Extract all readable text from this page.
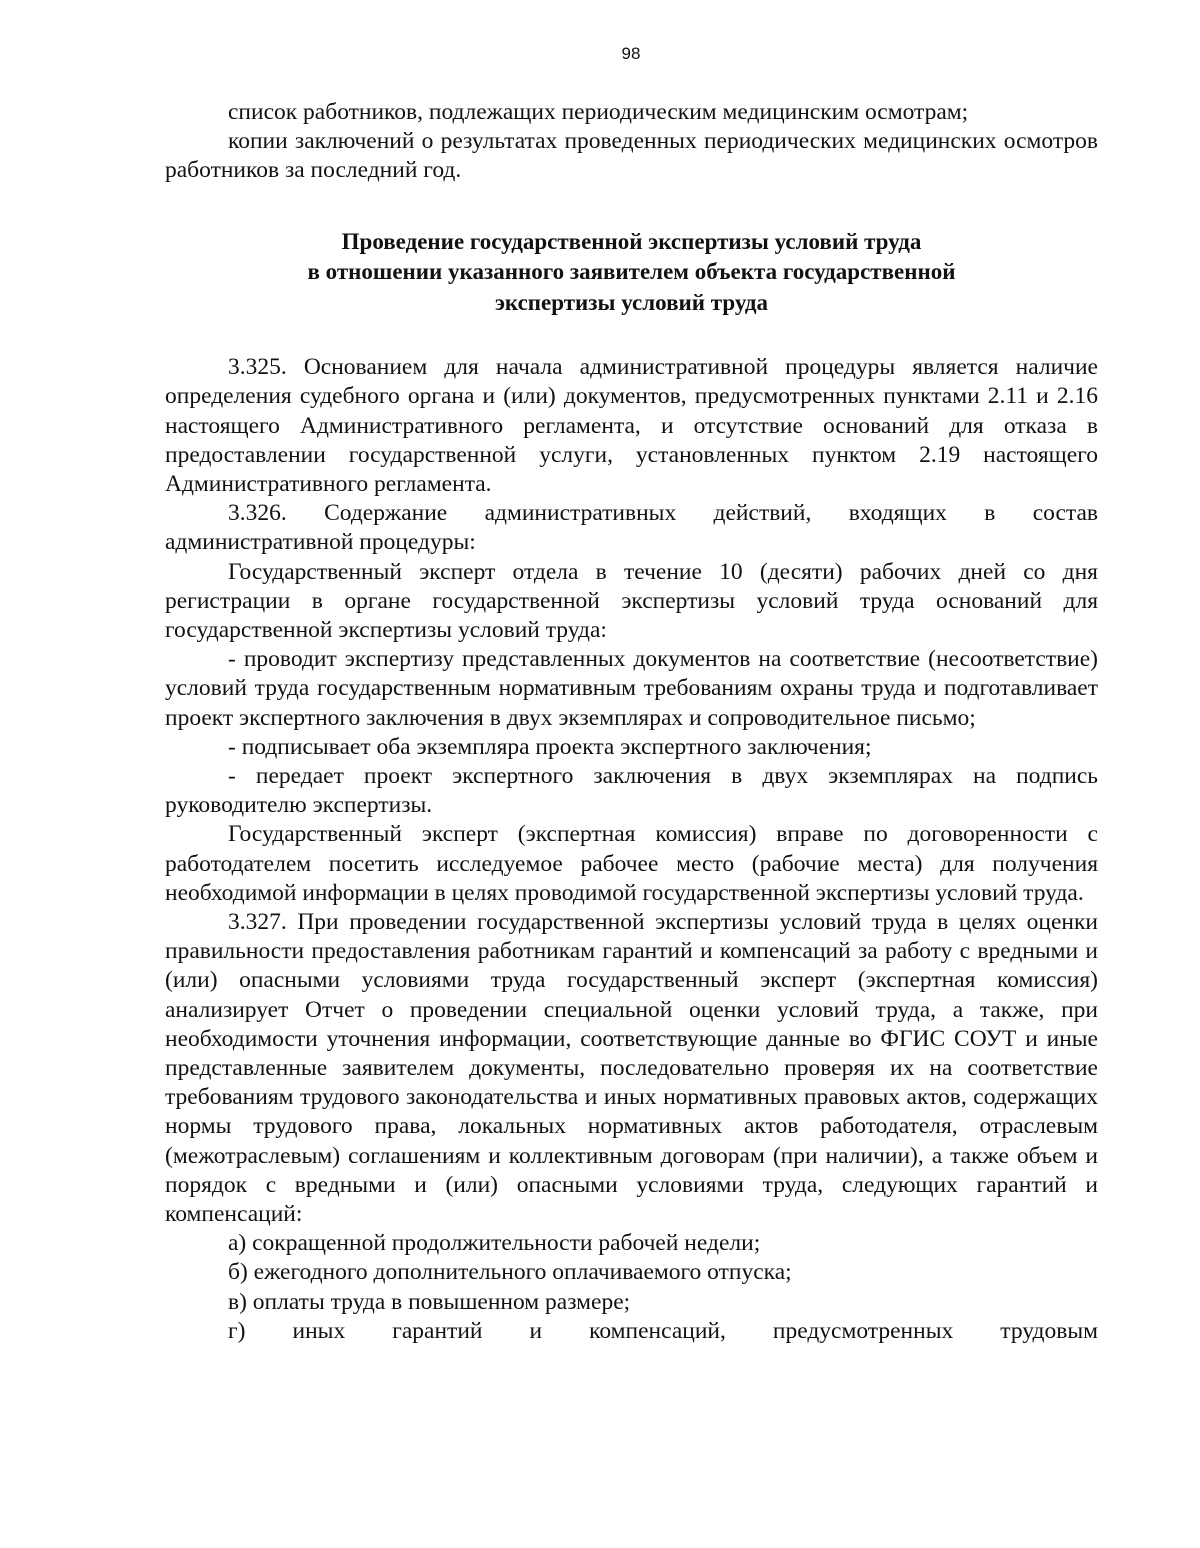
98

список работников, подлежащих периодическим медицинским осмотрам;

копии заключений о результатах проведенных периодических медицинских осмотров работников за последний год.

Проведение государственной экспертизы условий труда

в отношении указанного заявителем объекта государственной

экспертизы условий труда

3.325. Основанием для начала административной процедуры является наличие определения судебного органа и (или) документов, предусмотренных пунктами 2.11 и 2.16 настоящего Административного регламента, и отсутствие оснований для отказа в предоставлении государственной услуги, установленных пунктом 2.19 настоящего Административного регламента.

3.326. Содержание административных действий, входящих в состав административной процедуры:

Государственный эксперт отдела в течение 10 (десяти) рабочих дней со дня регистрации в органе государственной экспертизы условий труда оснований для государственной экспертизы условий труда:

- проводит экспертизу представленных документов на соответствие (несоответствие) условий труда государственным нормативным требованиям охраны труда и подготавливает проект экспертного заключения в двух экземплярах и сопроводительное письмо;

- подписывает оба экземпляра проекта экспертного заключения;

- передает проект экспертного заключения в двух экземплярах на подпись руководителю экспертизы.

Государственный эксперт (экспертная комиссия) вправе по договоренности с работодателем посетить исследуемое рабочее место (рабочие места) для получения необходимой информации в целях проводимой государственной экспертизы условий труда.

3.327. При проведении государственной экспертизы условий труда в целях оценки правильности предоставления работникам гарантий и компенсаций за работу с вредными и (или) опасными условиями труда государственный эксперт (экспертная комиссия) анализирует Отчет о проведении специальной оценки условий труда, а также, при необходимости уточнения информации, соответствующие данные во ФГИС СОУТ и иные представленные заявителем документы, последовательно проверяя их на соответствие требованиям трудового законодательства и иных нормативных правовых актов, содержащих нормы трудового права, локальных нормативных актов работодателя, отраслевым (межотраслевым) соглашениям и коллективным договорам (при наличии), а также объем и порядок с вредными и (или) опасными условиями труда, следующих гарантий и компенсаций:

а) сокращенной продолжительности рабочей недели;

б) ежегодного дополнительного оплачиваемого отпуска;

в) оплаты труда в повышенном размере;

г) иных гарантий и компенсаций, предусмотренных трудовым
